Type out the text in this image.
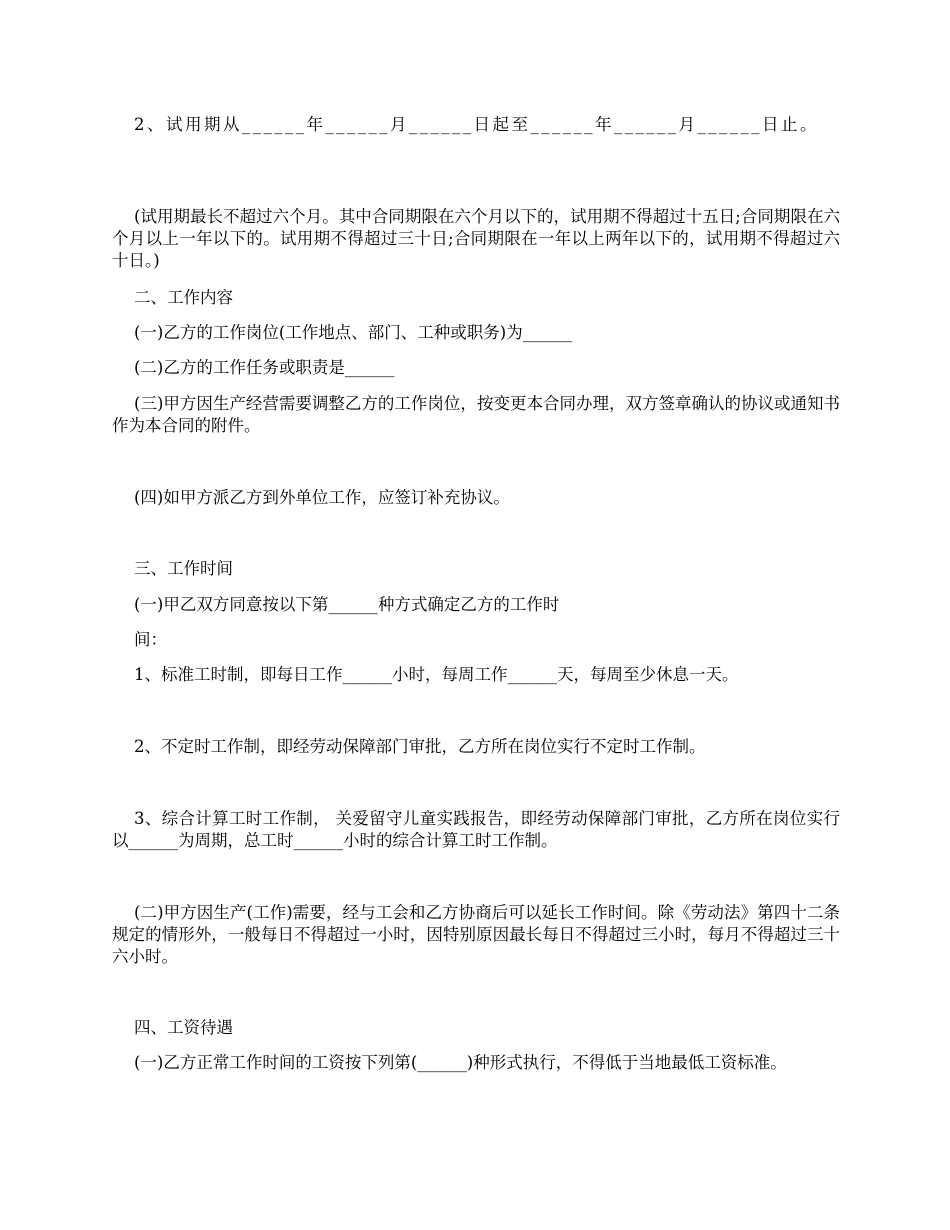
2、试用期从______年______月______日起至______年______月______日止。
(试用期最长不超过六个月。其中合同期限在六个月以下的，试用期不得超过十五日;合同期限在六个月以上一年以下的。试用期不得超过三十日;合同期限在一年以上两年以下的，试用期不得超过六十日。)
二、工作内容
(一)乙方的工作岗位(工作地点、部门、工种或职务)为______
(二)乙方的工作任务或职责是______
(三)甲方因生产经营需要调整乙方的工作岗位，按变更本合同办理，双方签章确认的协议或通知书作为本合同的附件。
(四)如甲方派乙方到外单位工作，应签订补充协议。
三、工作时间
(一)甲乙双方同意按以下第______种方式确定乙方的工作时
间：
1、标准工时制，即每日工作______小时，每周工作______天，每周至少休息一天。
2、不定时工作制，即经劳动保障部门审批，乙方所在岗位实行不定时工作制。
3、综合计算工时工作制， 关爱留守儿童实践报告，即经劳动保障部门审批，乙方所在岗位实行以______为周期，总工时______小时的综合计算工时工作制。
(二)甲方因生产(工作)需要，经与工会和乙方协商后可以延长工作时间。除《劳动法》第四十二条规定的情形外，一般每日不得超过一小时，因特别原因最长每日不得超过三小时，每月不得超过三十六小时。
四、工资待遇
(一)乙方正常工作时间的工资按下列第(______)种形式执行，不得低于当地最低工资标准。
